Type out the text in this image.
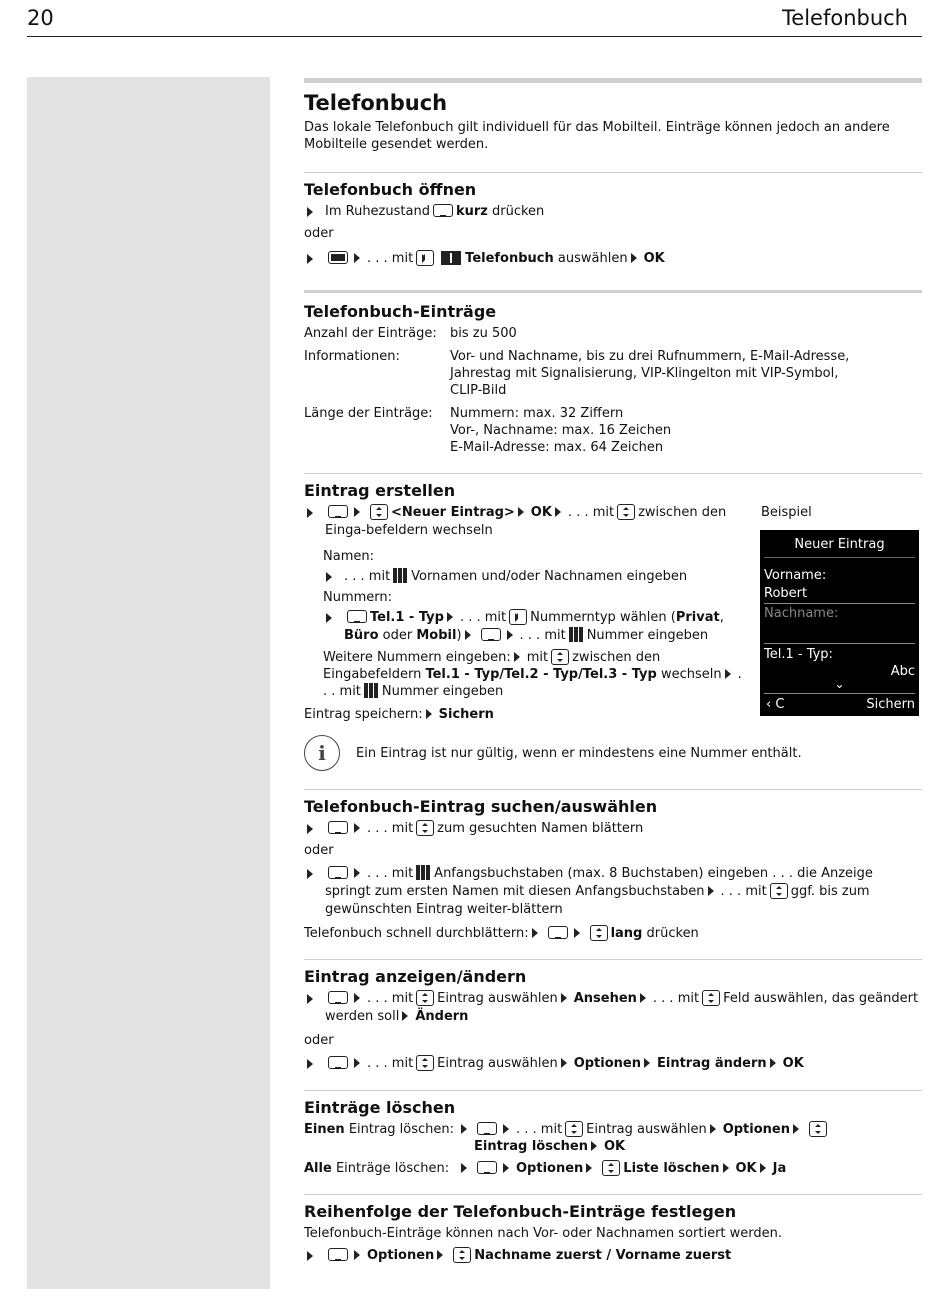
20	Telefonbuch
Beispiel
Neuer Eintrag
Vorname:
Robert
Nachname:
Tel.1 - Typ:
Abc
⌄
‹ C	Sichern
Telefonbuch

Das lokale Telefonbuch gilt individuell für das Mobilteil. Einträge können jedoch an andere Mobilteile gesendet werden.

Telefonbuch öffnen
Im Ruhezustand kurz drücken

oder

. . . mit	Telefonbuch auswählen OK
Telefonbuch-Einträge
Anzahl der Einträge:	bis zu 500
Informationen:	Vor- und Nachname, bis zu drei Rufnummern, E-Mail-Adresse, Jahrestag mit Signalisierung, VIP-Klingelton mit VIP-Symbol, CLIP-Bild
Länge der Einträge:	Nummern: max. 32 Ziffern
Vor-, Nachname: max. 16 Zeichen
E-Mail-Adresse: max. 64 Zeichen
Eintrag erstellen
<Neuer Eintrag> OK . . . mit zwischen den Einga-befeldern wechseln

Namen:

. . . mit Vornamen und/oder Nachnamen eingeben

Nummern:

Tel.1 - Typ . . . mit Nummerntyp wählen (Privat, Büro oder Mobil)	. . . mit Nummer eingeben

Weitere Nummern eingeben: mit zwischen den Eingabefeldern Tel.1 - Typ/Tel.2 - Typ/Tel.3 - Typ wechseln . . . mit Nummer eingeben

Eintrag speichern: Sichern

i	Ein Eintrag ist nur gültig, wenn er mindestens eine Nummer enthält.
Telefonbuch-Eintrag suchen/auswählen
. . . mit zum gesuchten Namen blättern

oder

. . . mit Anfangsbuchstaben (max. 8 Buchstaben) eingeben . . . die Anzeige springt zum ersten Namen mit diesen Anfangsbuchstaben . . . mit ggf. bis zum gewünschten Eintrag weiter-blättern

Telefonbuch schnell durchblättern:	lang drücken

Eintrag anzeigen/ändern
. . . mit Eintrag auswählen Ansehen . . . mit Feld auswählen, das geändert werden soll Ändern

oder

. . . mit Eintrag auswählen Optionen Eintrag ändern OK
Einträge löschen
Einen Eintrag löschen:	. . . mit Eintrag auswählen OptionenEintrag löschen OK
Alle Einträge löschen:	Optionen	Liste löschen OK Ja
Reihenfolge der Telefonbuch-Einträge festlegen

Telefonbuch-Einträge können nach Vor- oder Nachnamen sortiert werden.

Optionen	Nachname zuerst / Vorname zuerst
